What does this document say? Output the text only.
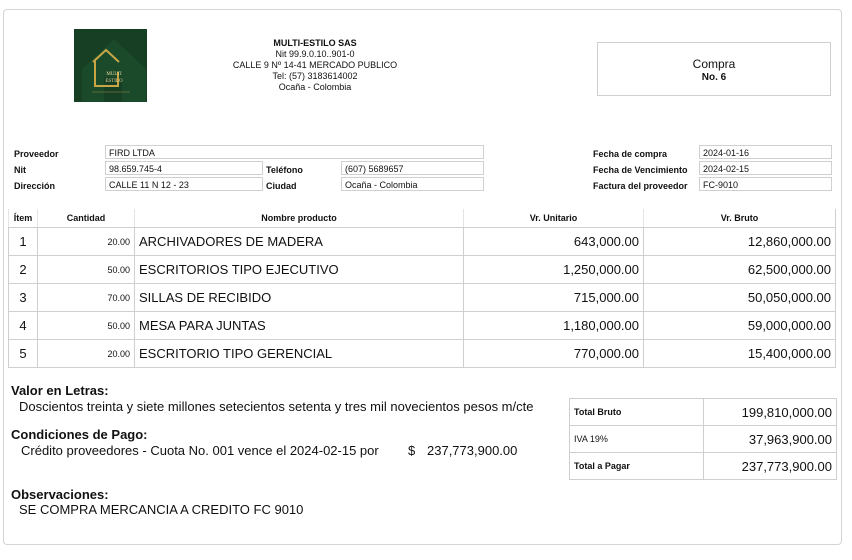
MULTI
ESTILO
MULTI-ESTILO SAS
Nit 99.9.0.10..901-0
CALLE 9 Nº 14-41 MERCADO PUBLICO
Tel: (57) 3183614002
Ocaña - Colombia
Compra
No. 6
Proveedor	FIRD LTDA
Nit	98.659.745-4	Teléfono	(607) 5689657
Dirección	CALLE 11 N 12 - 23	Ciudad	Ocaña - Colombia
Fecha de compra	2024-01-16
Fecha de Vencimiento	2024-02-15
Factura del proveedor	FC-9010
Ítem	Cantidad	Nombre producto	Vr. Unitario	Vr. Bruto
1	20.00	ARCHIVADORES DE MADERA	643,000.00	12,860,000.00
2	50.00	ESCRITORIOS TIPO EJECUTIVO	1,250,000.00	62,500,000.00
3	70.00	SILLAS DE RECIBIDO	715,000.00	50,050,000.00
4	50.00	MESA PARA JUNTAS	1,180,000.00	59,000,000.00
5	20.00	ESCRITORIO TIPO GERENCIAL	770,000.00	15,400,000.00
Valor en Letras:
Doscientos treinta y siete millones setecientos setenta y tres mil novecientos pesos m/cte
Condiciones de Pago:
Crédito proveedores - Cuota No. 001 vence el 2024-02-15 por $ 237,773,900.00
Observaciones:
SE COMPRA MERCANCIA A CREDITO FC 9010
Total Bruto	199,810,000.00
IVA 19%	37,963,900.00
Total a Pagar	237,773,900.00
